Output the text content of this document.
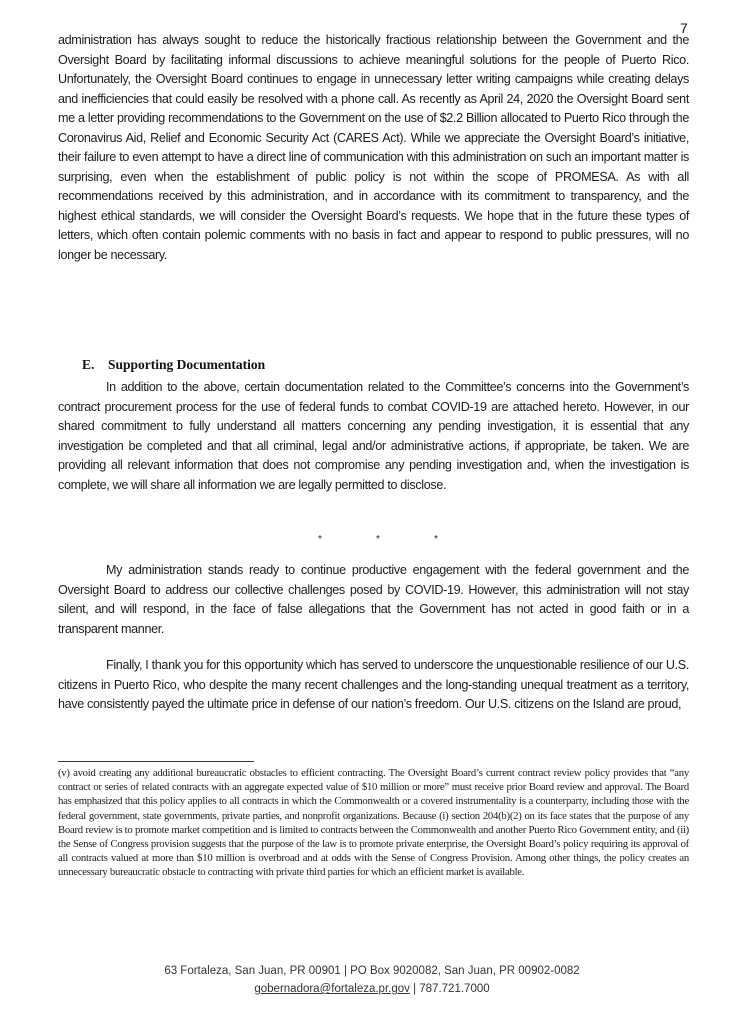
7

administration has always sought to reduce the historically fractious relationship between the Government and the Oversight Board by facilitating informal discussions to achieve meaningful solutions for the people of Puerto Rico. Unfortunately, the Oversight Board continues to engage in unnecessary letter writing campaigns while creating delays and inefficiencies that could easily be resolved with a phone call. As recently as April 24, 2020 the Oversight Board sent me a letter providing recommendations to the Government on the use of $2.2 Billion allocated to Puerto Rico through the Coronavirus Aid, Relief and Economic Security Act (CARES Act). While we appreciate the Oversight Board’s initiative, their failure to even attempt to have a direct line of communication with this administration on such an important matter is surprising, even when the establishment of public policy is not within the scope of PROMESA. As with all recommendations received by this administration, and in accordance with its commitment to transparency, and the highest ethical standards, we will consider the Oversight Board’s requests. We hope that in the future these types of letters, which often contain polemic comments with no basis in fact and appear to respond to public pressures, will no longer be necessary.

E. Supporting Documentation

In addition to the above, certain documentation related to the Committee’s concerns into the Government’s contract procurement process for the use of federal funds to combat COVID-19 are attached hereto. However, in our shared commitment to fully understand all matters concerning any pending investigation, it is essential that any investigation be completed and that all criminal, legal and/or administrative actions, if appropriate, be taken. We are providing all relevant information that does not compromise any pending investigation and, when the investigation is complete, we will share all information we are legally permitted to disclose.

*	*	*

My administration stands ready to continue productive engagement with the federal government and the Oversight Board to address our collective challenges posed by COVID-19. However, this administration will not stay silent, and will respond, in the face of false allegations that the Government has not acted in good faith or in a transparent manner.

Finally, I thank you for this opportunity which has served to underscore the unquestionable resilience of our U.S. citizens in Puerto Rico, who despite the many recent challenges and the long-standing unequal treatment as a territory, have consistently payed the ultimate price in defense of our nation’s freedom. Our U.S. citizens on the Island are proud,

(v) avoid creating any additional bureaucratic obstacles to efficient contracting. The Oversight Board’s current contract review policy provides that “any contract or series of related contracts with an aggregate expected value of $10 million or more” must receive prior Board review and approval. The Board has emphasized that this policy applies to all contracts in which the Commonwealth or a covered instrumentality is a counterparty, including those with the federal government, state governments, private parties, and nonprofit organizations. Because (i) section 204(b)(2) on its face states that the purpose of any Board review is to promote market competition and is limited to contracts between the Commonwealth and another Puerto Rico Government entity, and (ii) the Sense of Congress provision suggests that the purpose of the law is to promote private enterprise, the Oversight Board’s policy requiring its approval of all contracts valued at more than $10 million is overbroad and at odds with the Sense of Congress Provision. Among other things, the policy creates an unnecessary bureaucratic obstacle to contracting with private third parties for which an efficient market is available.

63 Fortaleza, San Juan, PR 00901 | PO Box 9020082, San Juan, PR 00902-0082
gobernadora@fortaleza.pr.gov | 787.721.7000
